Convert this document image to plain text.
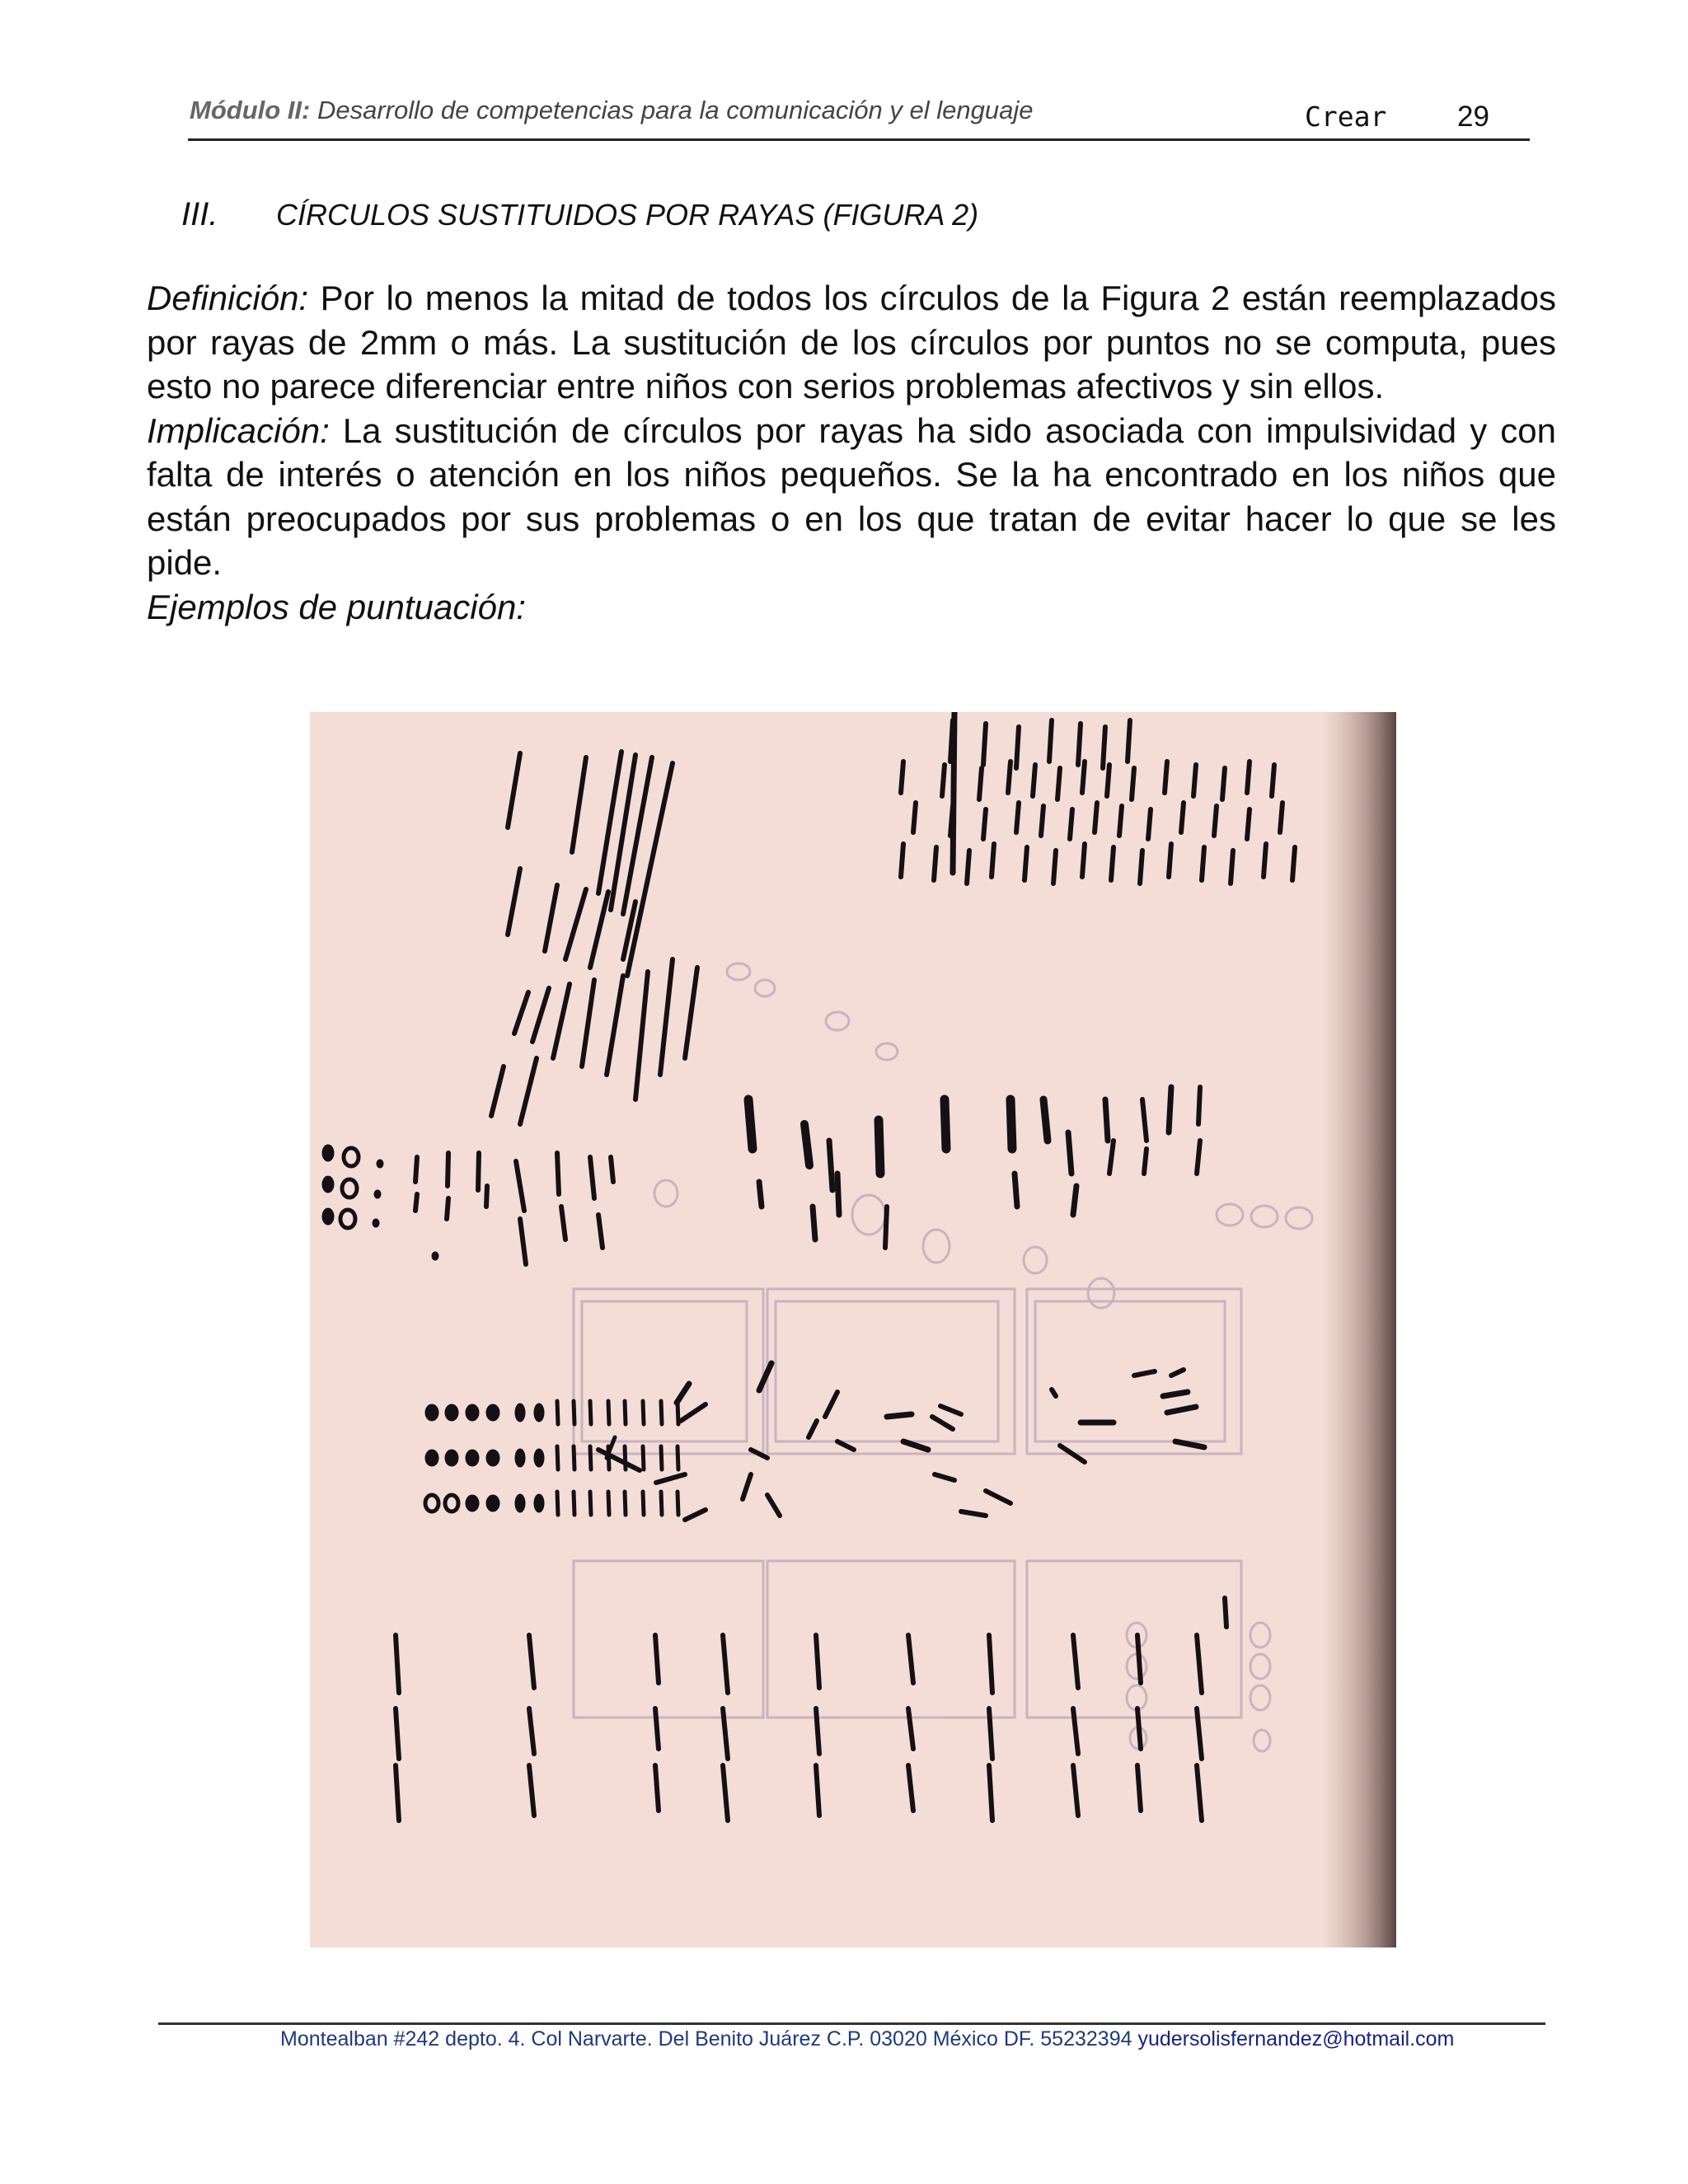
Módulo II: Desarrollo de competencias para la comunicación y el lenguaje	Crear 29
III. CÍRCULOS SUSTITUIDOS POR RAYAS (FIGURA 2)

Definición: Por lo menos la mitad de todos los círculos de la Figura 2 están reemplazados por rayas de 2mm o más. La sustitución de los círculos por puntos no se computa, pues esto no parece diferenciar entre niños con serios problemas afectivos y sin ellos.

Implicación: La sustitución de círculos por rayas ha sido asociada con impulsividad y con falta de interés o atención en los niños pequeños. Se la ha encontrado en los niños que están preocupados por sus problemas o en los que tratan de evitar hacer lo que se les pide.

Ejemplos de puntuación:

Montealban #242 depto. 4. Col Narvarte. Del Benito Juárez C.P. 03020 México DF. 55232394 yudersolisfernandez@hotmail.com
